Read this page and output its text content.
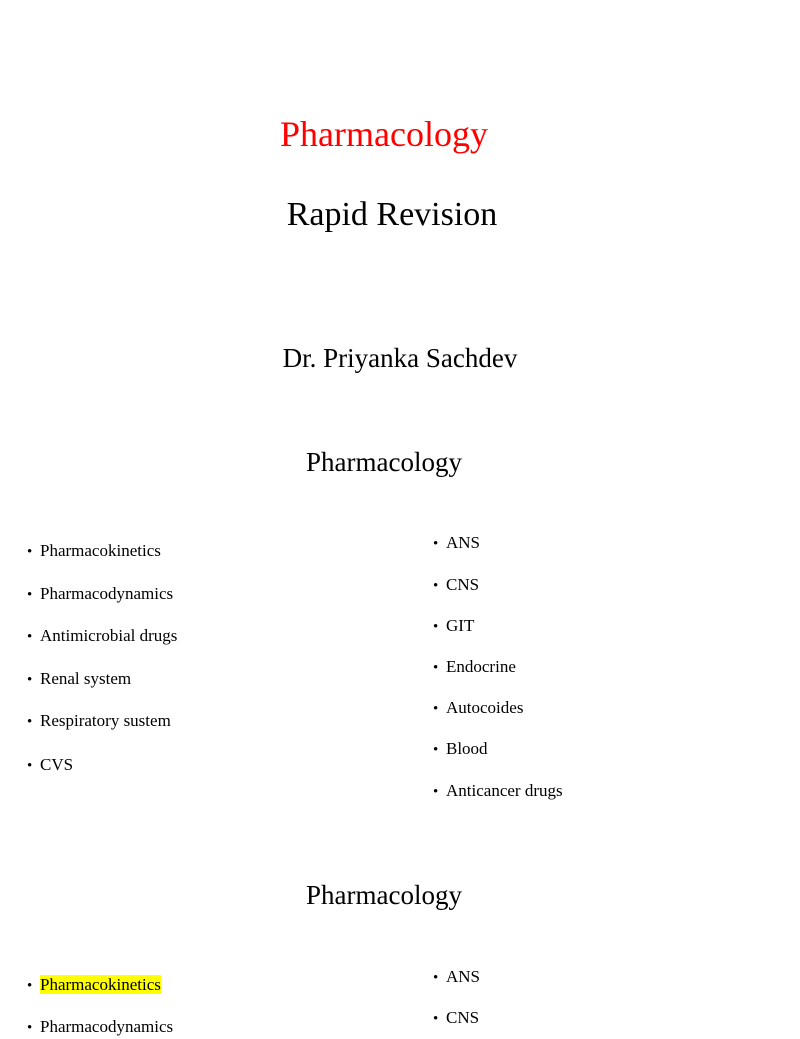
Pharmacology
Rapid Revision
Dr. Priyanka Sachdev
Pharmacology
• Pharmacokinetics
• Pharmacodynamics
• Antimicrobial drugs
• Renal system
• Respiratory sustem
• CVS
• ANS
• CNS
• GIT
• Endocrine
• Autocoides
• Blood
• Anticancer drugs
Pharmacology
• Pharmacokinetics
• Pharmacodynamics
• ANS
• CNS
